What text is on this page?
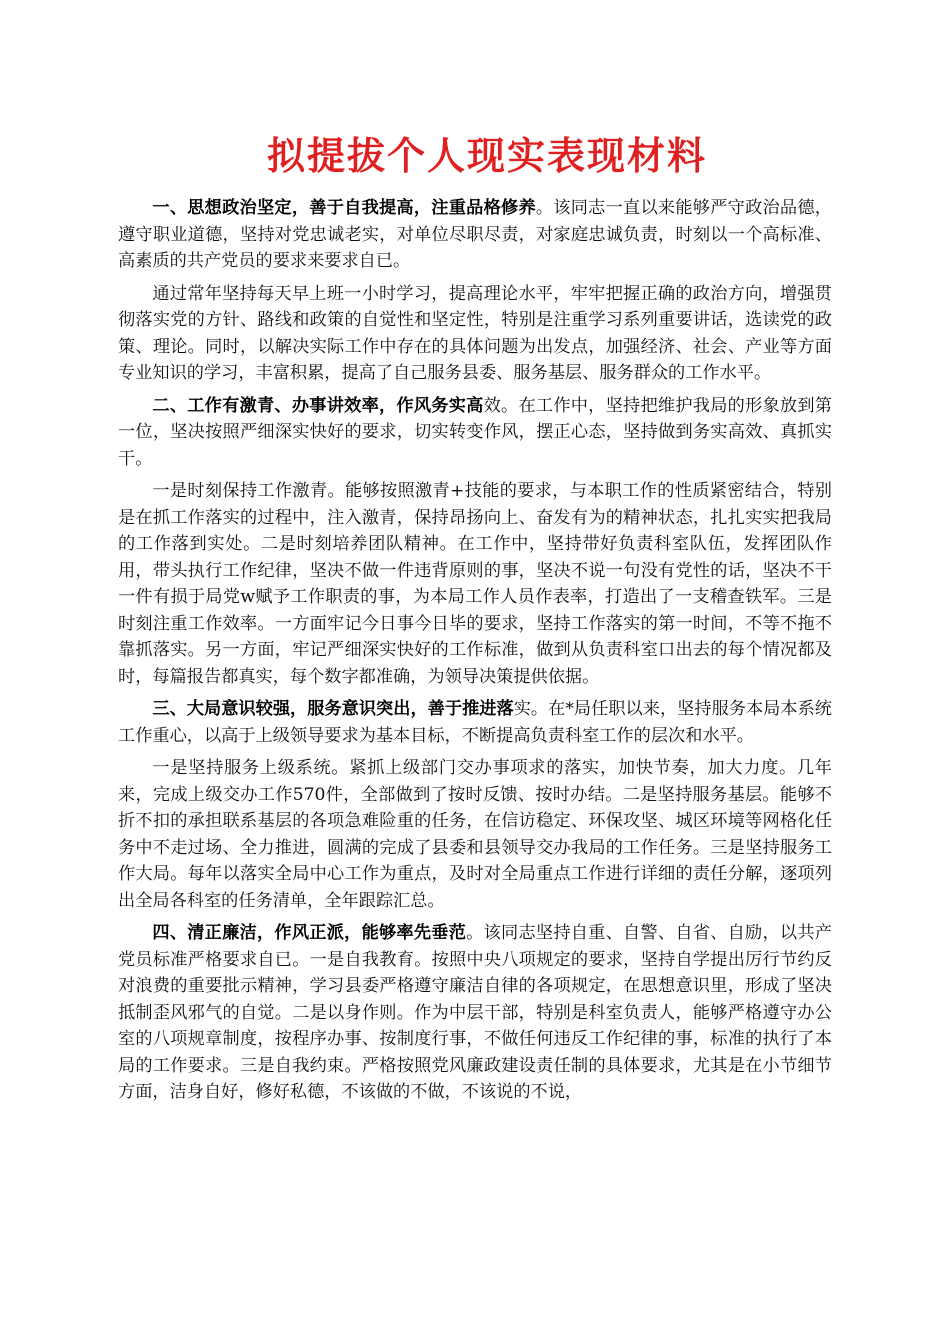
拟提拔个人现实表现材料

一、思想政治坚定，善于自我提高，注重品格修养。该同志一直以来能够严守政治品德，遵守职业道德，坚持对党忠诚老实，对单位尽职尽责，对家庭忠诚负责，时刻以一个高标准、高素质的共产党员的要求来要求自已。

通过常年坚持每天早上班一小时学习，提高理论水平，牢牢把握正确的政治方向，增强贯彻落实党的方针、路线和政策的自觉性和坚定性，特别是注重学习系列重要讲话，选读党的政策、理论。同时，以解决实际工作中存在的具体问题为出发点，加强经济、社会、产业等方面专业知识的学习，丰富积累，提高了自己服务县委、服务基层、服务群众的工作水平。

二、工作有激青、办事讲效率，作风务实高效。在工作中，坚持把维护我局的形象放到第一位，坚决按照严细深实快好的要求，切实转变作风，摆正心态，坚持做到务实高效、真抓实干。

一是时刻保持工作激青。能够按照激青+技能的要求，与本职工作的性质紧密结合，特别是在抓工作落实的过程中，注入激青，保持昂扬向上、奋发有为的精神状态，扎扎实实把我局的工作落到实处。二是时刻培养团队精神。在工作中，坚持带好负责科室队伍，发挥团队作用，带头执行工作纪律，坚决不做一件违背原则的事，坚决不说一句没有党性的话，坚决不干一件有损于局党w赋予工作职责的事，为本局工作人员作表率，打造出了一支稽查铁军。三是时刻注重工作效率。一方面牢记今日事今日毕的要求，坚持工作落实的第一时间，不等不拖不靠抓落实。另一方面，牢记严细深实快好的工作标准，做到从负责科室口出去的每个情况都及时，每篇报告都真实，每个数字都准确，为领导决策提供依据。

三、大局意识较强，服务意识突出，善于推进落实。在*局任职以来，坚持服务本局本系统工作重心，以高于上级领导要求为基本目标，不断提高负责科室工作的层次和水平。

一是坚持服务上级系统。紧抓上级部门交办事项求的落实，加快节奏，加大力度。几年来，完成上级交办工作570件，全部做到了按时反馈、按时办结。二是坚持服务基层。能够不折不扣的承担联系基层的各项急难险重的任务，在信访稳定、环保攻坚、城区环境等网格化任务中不走过场、全力推进，圆满的完成了县委和县领导交办我局的工作任务。三是坚持服务工作大局。每年以落实全局中心工作为重点，及时对全局重点工作进行详细的责任分解，逐项列出全局各科室的任务清单，全年跟踪汇总。

四、清正廉洁，作风正派，能够率先垂范。该同志坚持自重、自警、自省、自励，以共产党员标准严格要求自已。一是自我教育。按照中央八项规定的要求，坚持自学提出厉行节约反对浪费的重要批示精神，学习县委严格遵守廉洁自律的各项规定，在思想意识里，形成了坚决抵制歪风邪气的自觉。二是以身作则。作为中层干部，特别是科室负责人，能够严格遵守办公室的八项规章制度，按程序办事、按制度行事，不做任何违反工作纪律的事，标准的执行了本局的工作要求。三是自我约束。严格按照党风廉政建设责任制的具体要求，尤其是在小节细节方面，洁身自好，修好私德，不该做的不做，不该说的不说，
